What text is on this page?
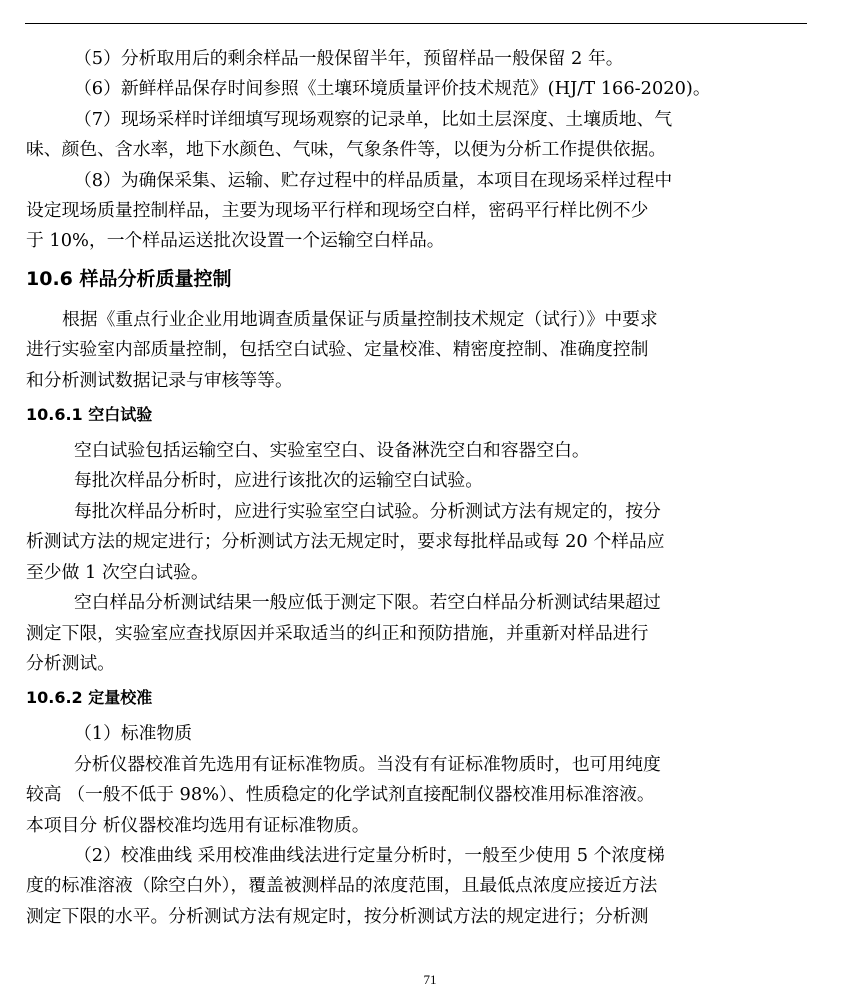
（5）分析取用后的剩余样品一般保留半年，预留样品一般保留 2 年。

（6）新鲜样品保存时间参照《土壤环境质量评价技术规范》(HJ/T 166-2020)。

（7）现场采样时详细填写现场观察的记录单，比如土层深度、土壤质地、气

味、颜色、含水率，地下水颜色、气味，气象条件等，以便为分析工作提供依据。

（8）为确保采集、运输、贮存过程中的样品质量，本项目在现场采样过程中

设定现场质量控制样品，主要为现场平行样和现场空白样，密码平行样比例不少

于 10%，一个样品运送批次设置一个运输空白样品。

10.6 样品分析质量控制

根据《重点行业企业用地调查质量保证与质量控制技术规定（试行）》中要求

进行实验室内部质量控制，包括空白试验、定量校准、精密度控制、准确度控制

和分析测试数据记录与审核等等。

10.6.1 空白试验

空白试验包括运输空白、实验室空白、设备淋洗空白和容器空白。

每批次样品分析时，应进行该批次的运输空白试验。

每批次样品分析时，应进行实验室空白试验。分析测试方法有规定的，按分

析测试方法的规定进行；分析测试方法无规定时，要求每批样品或每 20 个样品应

至少做 1 次空白试验。

空白样品分析测试结果一般应低于测定下限。若空白样品分析测试结果超过

测定下限，实验室应查找原因并采取适当的纠正和预防措施，并重新对样品进行

分析测试。

10.6.2 定量校准

（1）标准物质

分析仪器校准首先选用有证标准物质。当没有有证标准物质时，也可用纯度

较高 （一般不低于 98%）、性质稳定的化学试剂直接配制仪器校准用标准溶液。

本项目分 析仪器校准均选用有证标准物质。

（2）校准曲线 采用校准曲线法进行定量分析时，一般至少使用 5 个浓度梯

度的标准溶液（除空白外），覆盖被测样品的浓度范围，且最低点浓度应接近方法

测定下限的水平。分析测试方法有规定时，按分析测试方法的规定进行；分析测

71
